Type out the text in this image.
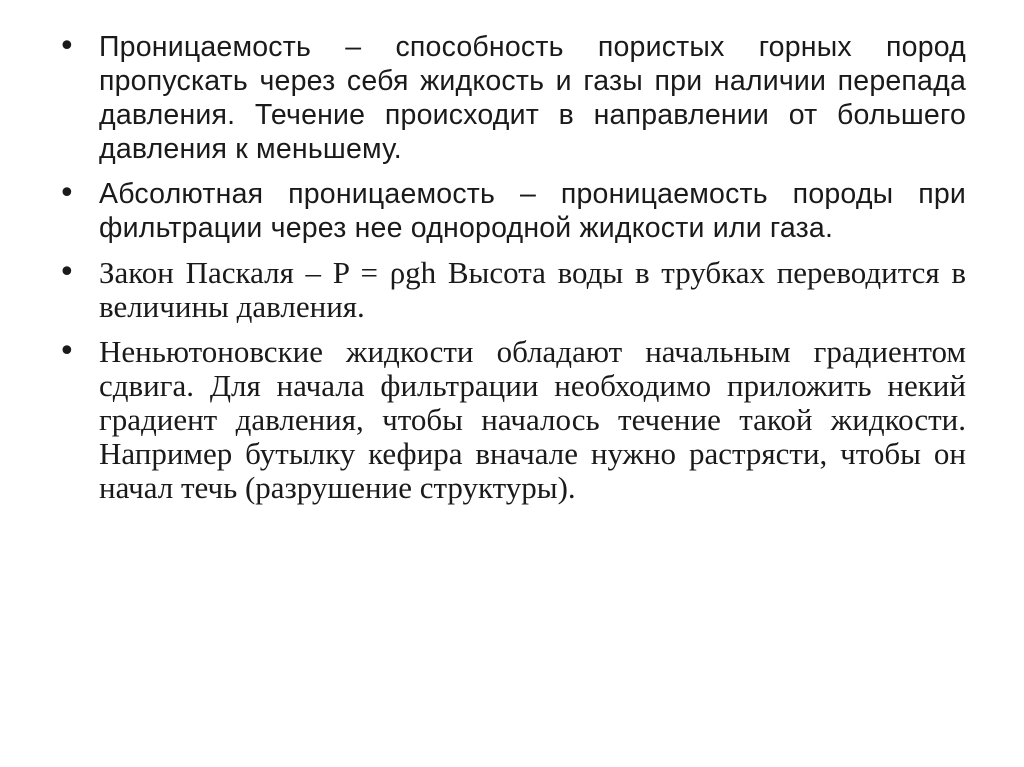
• Проницаемость – способность пористых горных пород пропускать через себя жидкость и газы при наличии перепада давления. Течение происходит в направлении от большего давления к меньшему.
• Абсолютная проницаемость – проницаемость породы при фильтрации через нее однородной жидкости или газа.
• Закон Паскаля – P = ρgh Высота воды в трубках переводится в величины давления.
• Неньютоновские жидкости обладают начальным градиентом сдвига. Для начала фильтрации необходимо приложить некий градиент давления, чтобы началось течение такой жидкости. Например бутылку кефира вначале нужно растрясти, чтобы он начал течь (разрушение структуры).
